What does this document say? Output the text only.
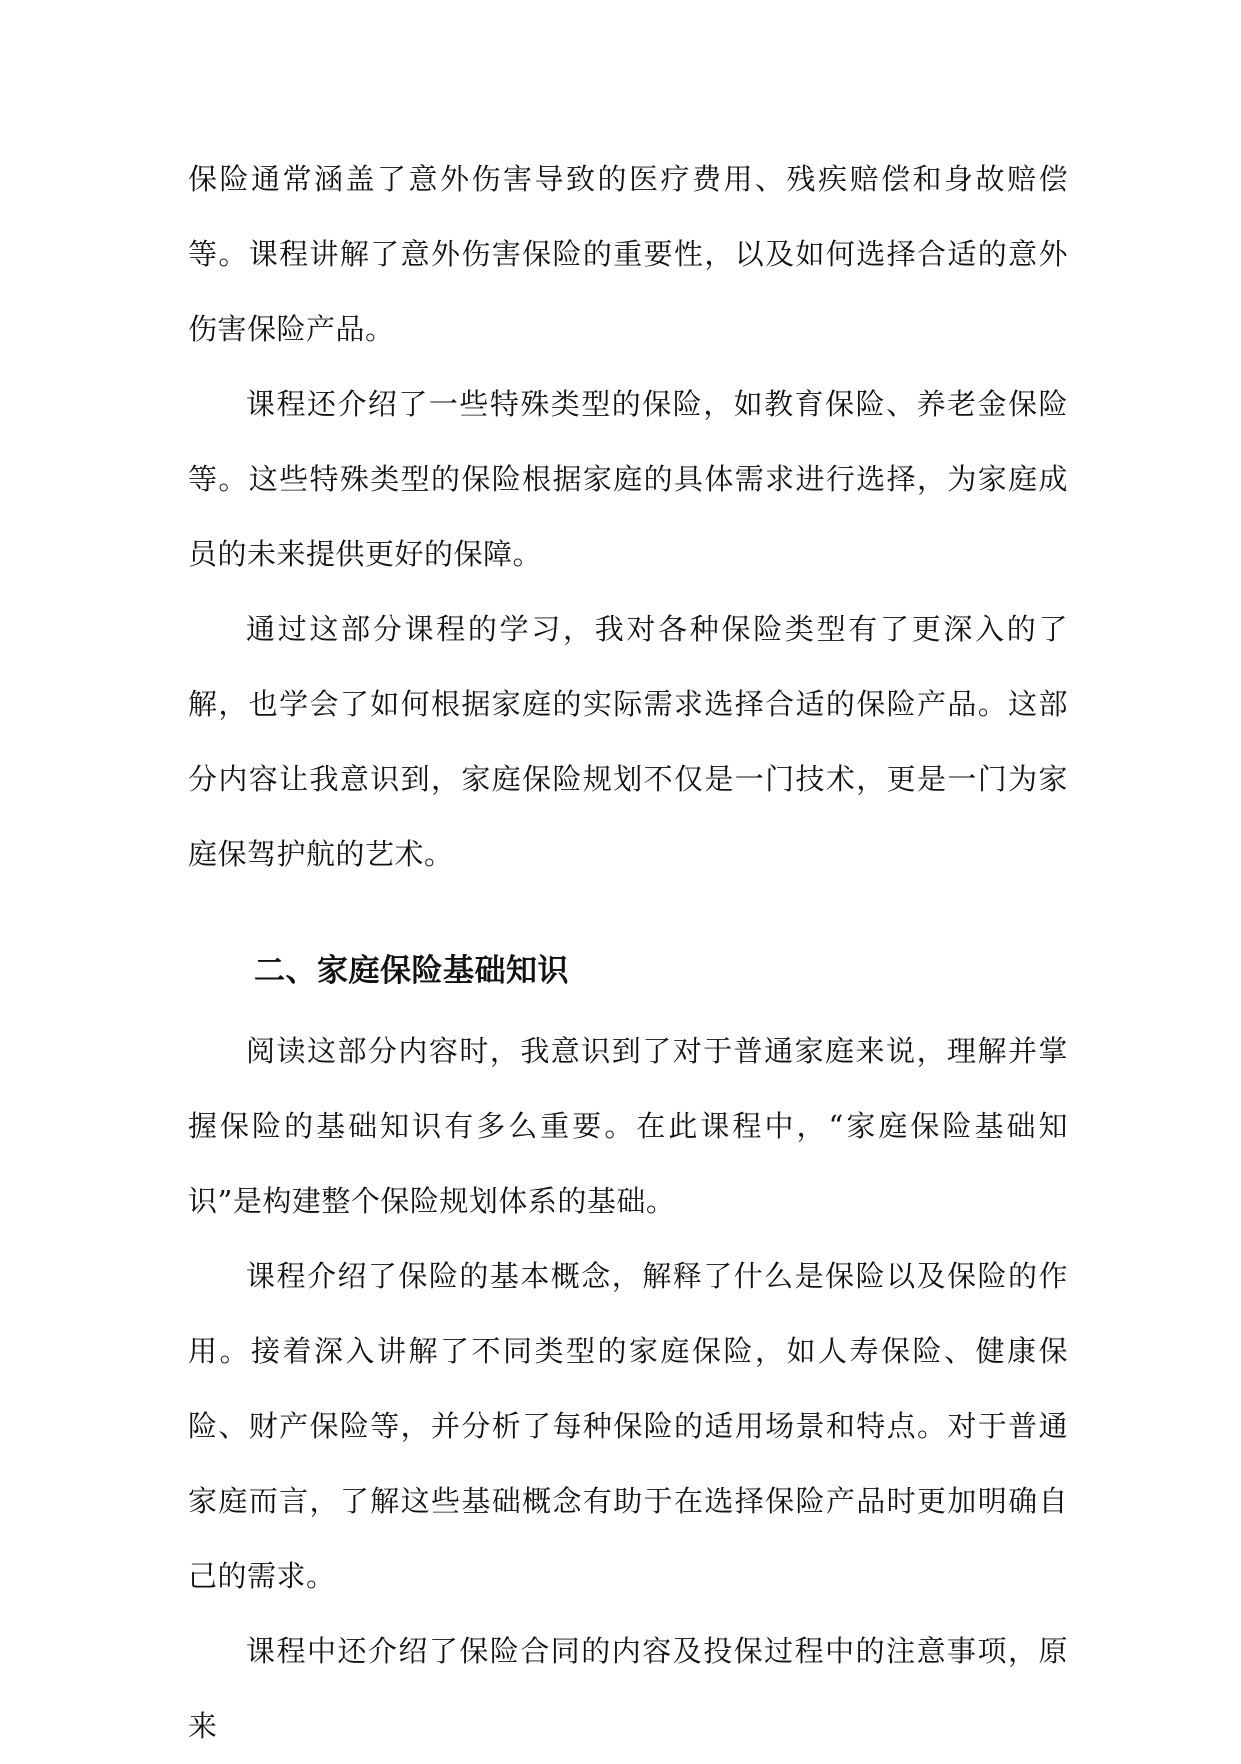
保险通常涵盖了意外伤害导致的医疗费用、残疾赔偿和身故赔偿等。课程讲解了意外伤害保险的重要性，以及如何选择合适的意外伤害保险产品。

课程还介绍了一些特殊类型的保险，如教育保险、养老金保险等。这些特殊类型的保险根据家庭的具体需求进行选择，为家庭成员的未来提供更好的保障。

通过这部分课程的学习，我对各种保险类型有了更深入的了解，也学会了如何根据家庭的实际需求选择合适的保险产品。这部分内容让我意识到，家庭保险规划不仅是一门技术，更是一门为家庭保驾护航的艺术。

二、家庭保险基础知识

阅读这部分内容时，我意识到了对于普通家庭来说，理解并掌握保险的基础知识有多么重要。在此课程中，“家庭保险基础知识”是构建整个保险规划体系的基础。

课程介绍了保险的基本概念，解释了什么是保险以及保险的作用。接着深入讲解了不同类型的家庭保险，如人寿保险、健康保险、财产保险等，并分析了每种保险的适用场景和特点。对于普通家庭而言，了解这些基础概念有助于在选择保险产品时更加明确自己的需求。

课程中还介绍了保险合同的内容及投保过程中的注意事项，原来
